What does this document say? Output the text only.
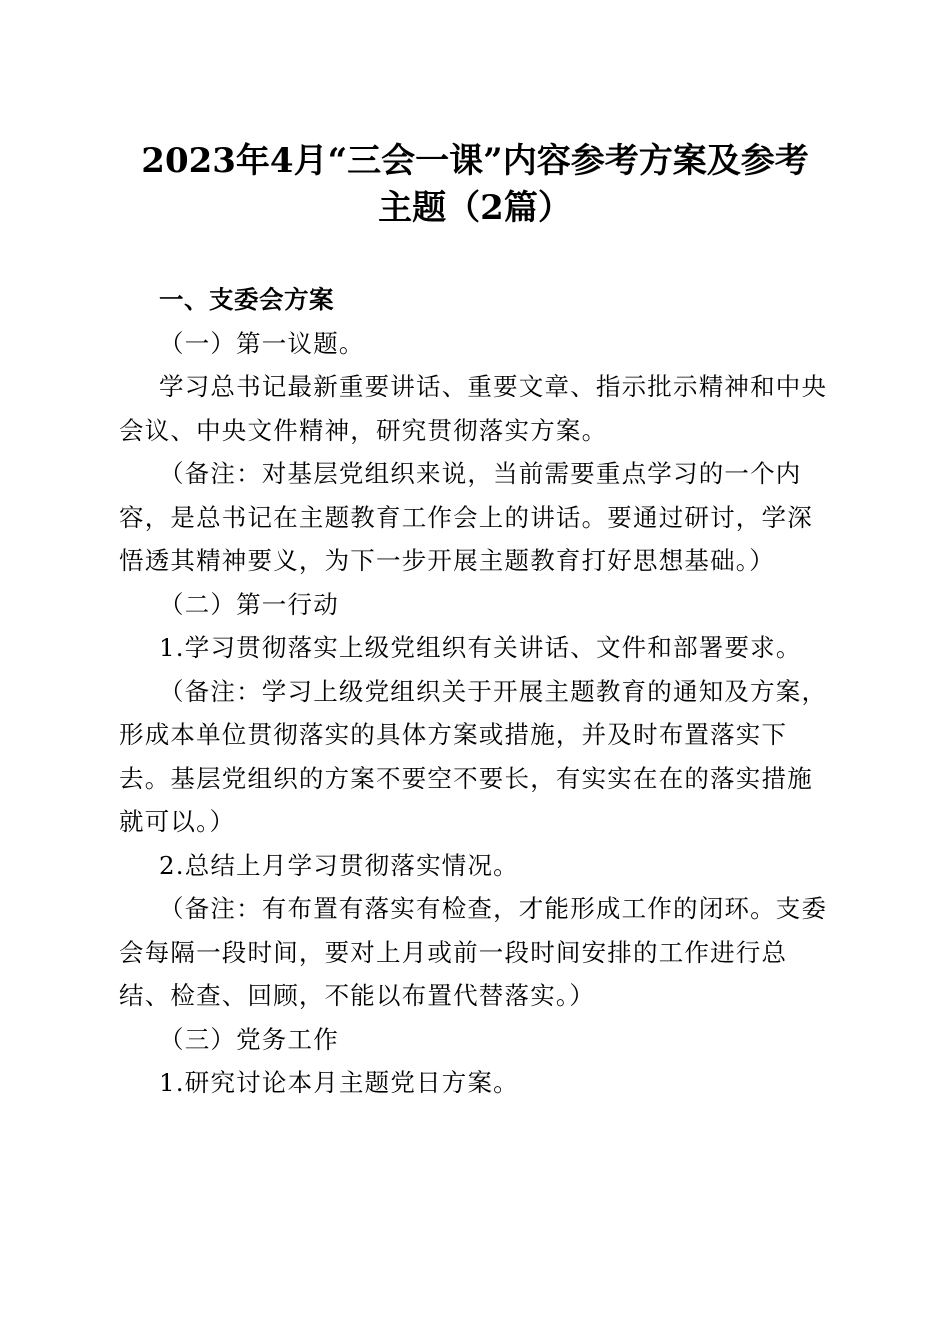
2023年4月“三会一课”内容参考方案及参考
主题（2篇）

一、支委会方案

（一）第一议题。

学习总书记最新重要讲话、重要文章、指示批示精神和中央会议、中央文件精神，研究贯彻落实方案。

（备注：对基层党组织来说，当前需要重点学习的一个内容，是总书记在主题教育工作会上的讲话。要通过研讨，学深悟透其精神要义，为下一步开展主题教育打好思想基础。）

（二）第一行动

1.学习贯彻落实上级党组织有关讲话、文件和部署要求。

（备注：学习上级党组织关于开展主题教育的通知及方案，形成本单位贯彻落实的具体方案或措施，并及时布置落实下去。基层党组织的方案不要空不要长，有实实在在的落实措施就可以。）

2.总结上月学习贯彻落实情况。

（备注：有布置有落实有检查，才能形成工作的闭环。支委会每隔一段时间，要对上月或前一段时间安排的工作进行总结、检查、回顾，不能以布置代替落实。）

（三）党务工作

1.研究讨论本月主题党日方案。
